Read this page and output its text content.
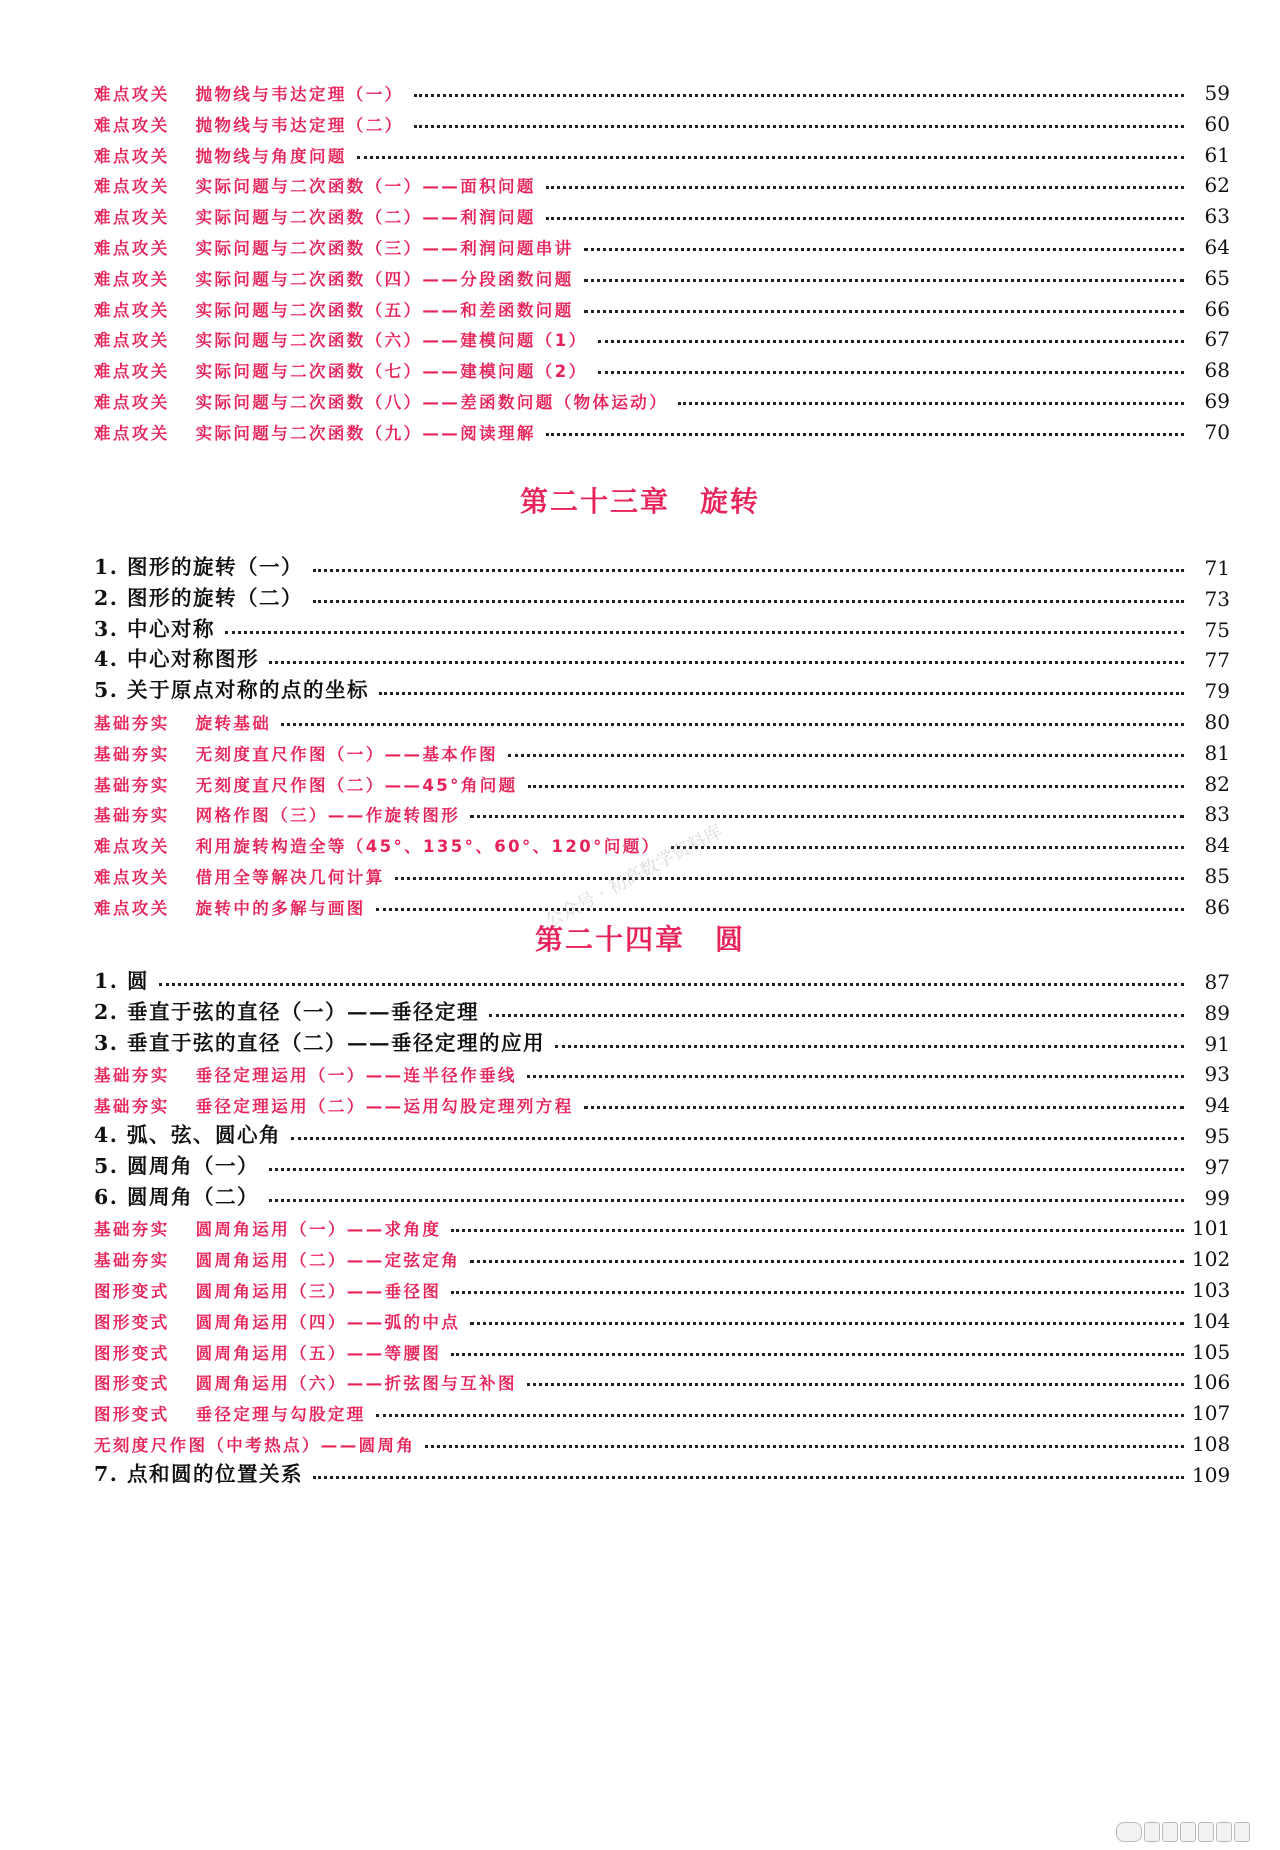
难点攻关 抛物线与韦达定理（一）	59
难点攻关 抛物线与韦达定理（二）	60
难点攻关 抛物线与角度问题	61
难点攻关 实际问题与二次函数（一）——面积问题	62
难点攻关 实际问题与二次函数（二）——利润问题	63
难点攻关 实际问题与二次函数（三）——利润问题串讲	64
难点攻关 实际问题与二次函数（四）——分段函数问题	65
难点攻关 实际问题与二次函数（五）——和差函数问题	66
难点攻关 实际问题与二次函数（六）——建模问题（1）	67
难点攻关 实际问题与二次函数（七）——建模问题（2）	68
难点攻关 实际问题与二次函数（八）——差函数问题（物体运动）	69
难点攻关 实际问题与二次函数（九）——阅读理解	70
第二十三章　旋转
1. 图形的旋转（一）	71
2. 图形的旋转（二）	73
3. 中心对称	75
4. 中心对称图形	77
5. 关于原点对称的点的坐标	79
基础夯实 旋转基础	80
基础夯实 无刻度直尺作图（一）——基本作图	81
基础夯实 无刻度直尺作图（二）——45°角问题	82
基础夯实 网格作图（三）——作旋转图形	83
难点攻关 利用旋转构造全等（45°、135°、60°、120°问题）	84
难点攻关 借用全等解决几何计算	85
难点攻关 旋转中的多解与画图	86
第二十四章　圆
1. 圆	87
2. 垂直于弦的直径（一）——垂径定理	89
3. 垂直于弦的直径（二）——垂径定理的应用	91
基础夯实 垂径定理运用（一）——连半径作垂线	93
基础夯实 垂径定理运用（二）——运用勾股定理列方程	94
4. 弧、弦、圆心角	95
5. 圆周角（一）	97
6. 圆周角（二）	99
基础夯实 圆周角运用（一）——求角度	101
基础夯实 圆周角运用（二）——定弦定角	102
图形变式 圆周角运用（三）——垂径图	103
图形变式 圆周角运用（四）——弧的中点	104
图形变式 圆周角运用（五）——等腰图	105
图形变式 圆周角运用（六）——折弦图与互补图	106
图形变式 垂径定理与勾股定理	107
无刻度尺作图（中考热点）——圆周角	108
7. 点和圆的位置关系	109
公众号 · 初高数学资料库
